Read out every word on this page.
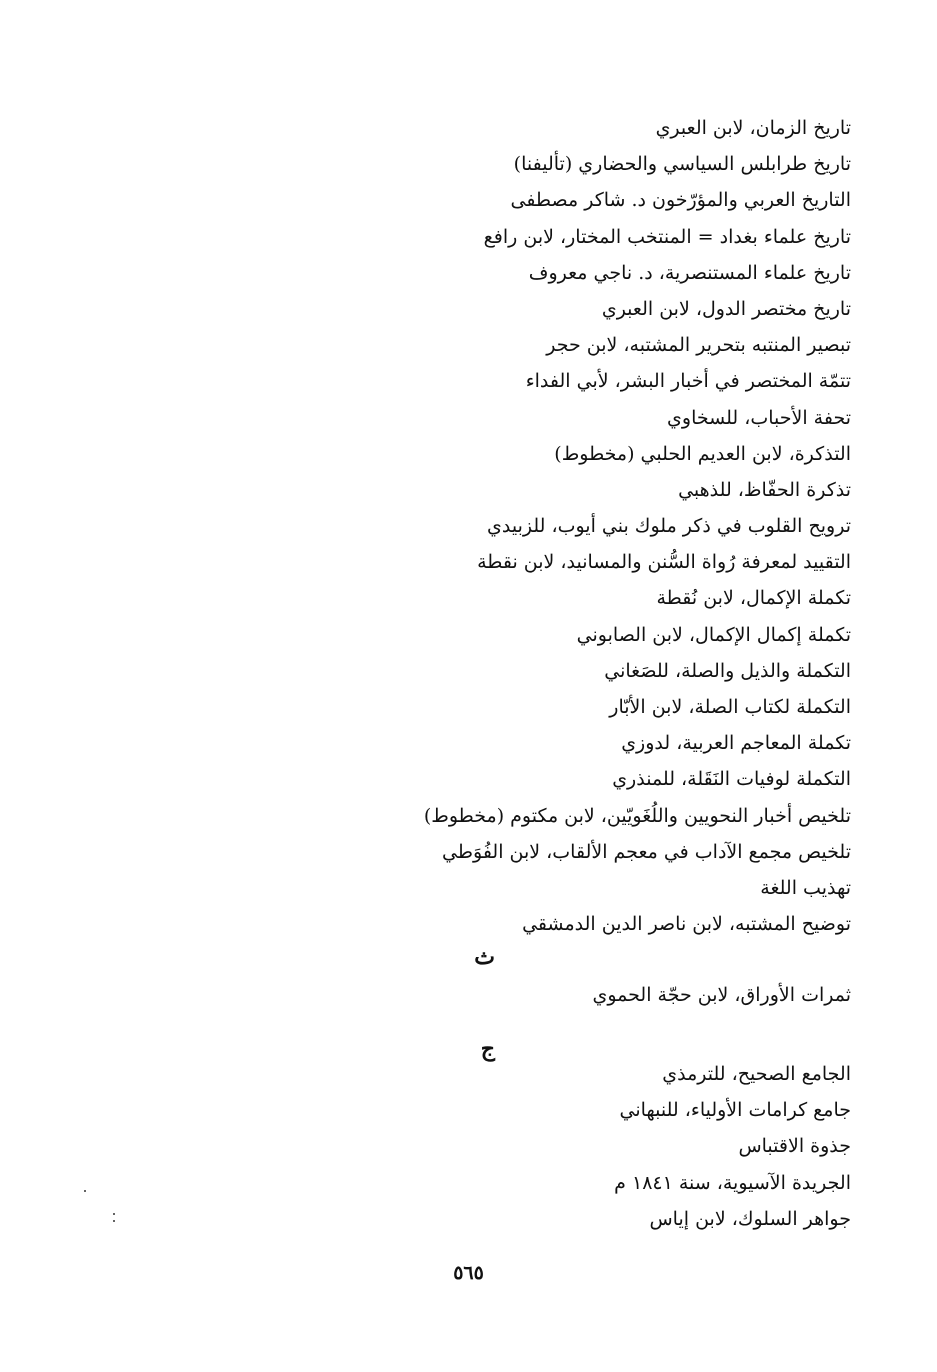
تاريخ الزمان، لابن العبري
تاريخ طرابلس السياسي والحضاري (تأليفنا)
التاريخ العربي والمؤرّخون د. شاكر مصطفى
تاريخ علماء بغداد = المنتخب المختار، لابن رافع
تاريخ علماء المستنصرية، د. ناجي معروف
تاريخ مختصر الدول، لابن العبري
تبصير المنتبه بتحرير المشتبه، لابن حجر
تتمّة المختصر في أخبار البشر، لأبي الفداء
تحفة الأحباب، للسخاوي
التذكرة، لابن العديم الحلبي (مخطوط)
تذكرة الحفّاظ، للذهبي
ترويح القلوب في ذكر ملوك بني أيوب، للزبيدي
التقييد لمعرفة رُواة السُّنن والمسانيد، لابن نقطة
تكملة الإكمال، لابن نُقطة
تكملة إكمال الإكمال، لابن الصابوني
التكملة والذيل والصلة، للصَغاني
التكملة لكتاب الصلة، لابن الأبّار
تكملة المعاجم العربية، لدوزي
التكملة لوفيات النَقَلة، للمنذري
تلخيص أخبار النحويين واللُغَويّين، لابن مكتوم (مخطوط)
تلخيص مجمع الآداب في معجم الألقاب، لابن الفُوَطي
تهذيب اللغة
توضيح المشتبه، لابن ناصر الدين الدمشقي
ث
ثمرات الأوراق، لابن حجّة الحموي
ج
الجامع الصحيح، للترمذي
جامع كرامات الأولياء، للنبهاني
جذوة الاقتباس
الجريدة الآسيوية، سنة ١٨٤١ م
جواهر السلوك، لابن إياس
٥٦٥
